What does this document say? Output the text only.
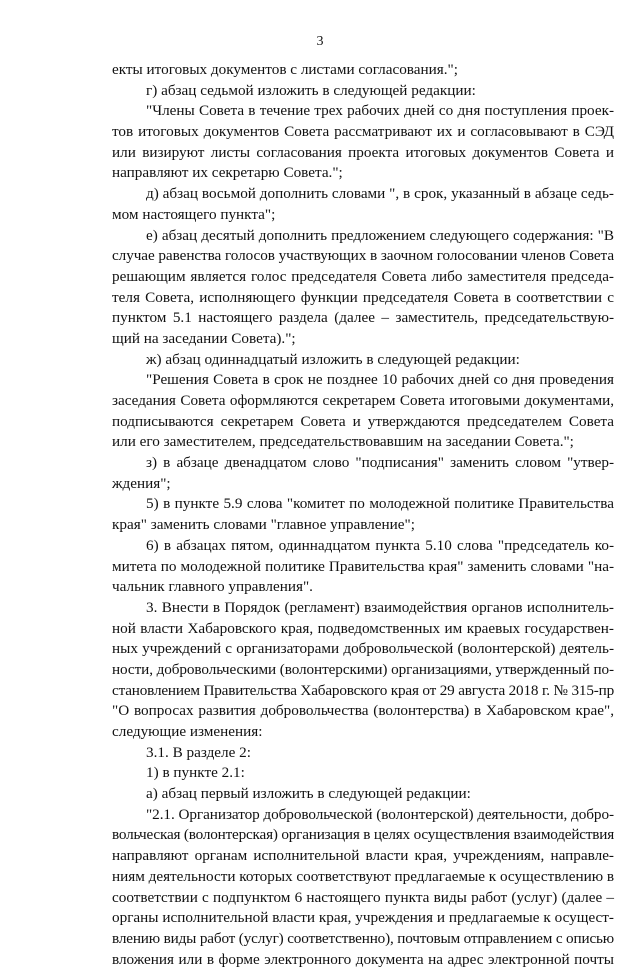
3
екты итоговых документов с листами согласования.";
г) абзац седьмой изложить в следующей редакции:
"Члены Совета в течение трех рабочих дней со дня поступления проек-
тов итоговых документов Совета рассматривают их и согласовывают в СЭД
или визируют листы согласования проекта итоговых документов Совета и
направляют их секретарю Совета.";
д) абзац восьмой дополнить словами ", в срок, указанный в абзаце седь-
мом настоящего пункта";
е) абзац десятый дополнить предложением следующего содержания: "В
случае равенства голосов участвующих в заочном голосовании членов Совета
решающим является голос председателя Совета либо заместителя председа-
теля Совета, исполняющего функции председателя Совета в соответствии с
пунктом 5.1 настоящего раздела (далее – заместитель, председательствую-
щий на заседании Совета).";
ж) абзац одиннадцатый изложить в следующей редакции:
"Решения Совета в срок не позднее 10 рабочих дней со дня проведения
заседания Совета оформляются секретарем Совета итоговыми документами,
подписываются секретарем Совета и утверждаются председателем Совета
или его заместителем, председательствовавшим на заседании Совета.";
з) в абзаце двенадцатом слово "подписания" заменить словом "утвер-
ждения";
5) в пункте 5.9 слова "комитет по молодежной политике Правительства
края" заменить словами "главное управление";
6) в абзацах пятом, одиннадцатом пункта 5.10 слова "председатель ко-
митета по молодежной политике Правительства края" заменить словами "на-
чальник главного управления".
3. Внести в Порядок (регламент) взаимодействия органов исполнитель-
ной власти Хабаровского края, подведомственных им краевых государствен-
ных учреждений с организаторами добровольческой (волонтерской) деятель-
ности, добровольческими (волонтерскими) организациями, утвержденный по-
становлением Правительства Хабаровского края от 29 августа 2018 г. № 315-пр
"О вопросах развития добровольчества (волонтерства) в Хабаровском крае",
следующие изменения:
3.1. В разделе 2:
1) в пункте 2.1:
а) абзац первый изложить в следующей редакции:
"2.1. Организатор добровольческой (волонтерской) деятельности, добро-
вольческая (волонтерская) организация в целях осуществления взаимодействия
направляют органам исполнительной власти края, учреждениям, направле-
ниям деятельности которых соответствуют предлагаемые к осуществлению в
соответствии с подпунктом 6 настоящего пункта виды работ (услуг) (далее –
органы исполнительной власти края, учреждения и предлагаемые к осущест-
влению виды работ (услуг) соответственно), почтовым отправлением с описью
вложения или в форме электронного документа на адрес электронной почты
